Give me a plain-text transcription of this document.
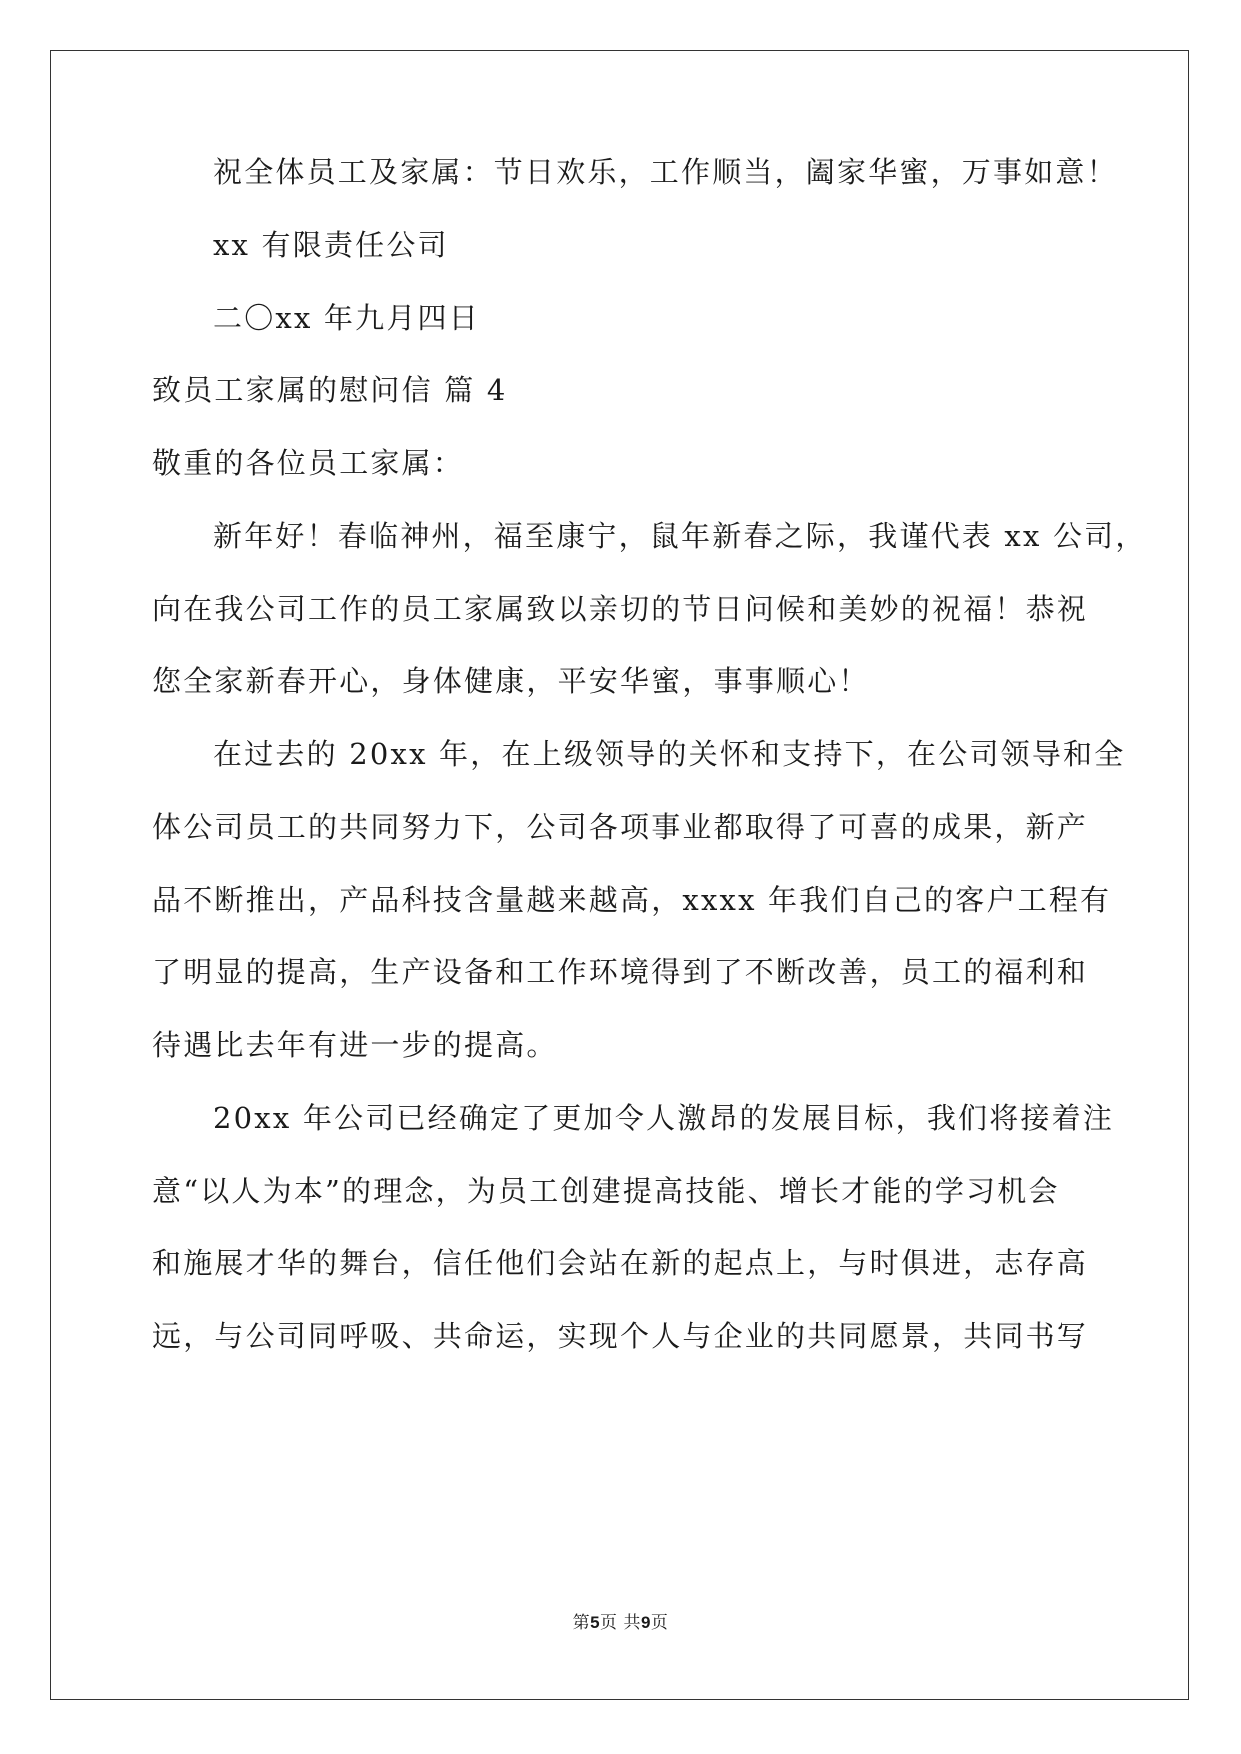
祝全体员工及家属：节日欢乐，工作顺当，阖家华蜜，万事如意！
xx 有限责任公司
二〇xx 年九月四日
致员工家属的慰问信 篇 4
敬重的各位员工家属：
新年好！春临神州，福至康宁，鼠年新春之际，我谨代表 xx 公司，
向在我公司工作的员工家属致以亲切的节日问候和美妙的祝福！恭祝
您全家新春开心，身体健康，平安华蜜，事事顺心！
在过去的 20xx 年，在上级领导的关怀和支持下，在公司领导和全
体公司员工的共同努力下，公司各项事业都取得了可喜的成果，新产
品不断推出，产品科技含量越来越高，xxxx 年我们自己的客户工程有
了明显的提高，生产设备和工作环境得到了不断改善，员工的福利和
待遇比去年有进一步的提高。
20xx 年公司已经确定了更加令人激昂的发展目标，我们将接着注
意“以人为本”的理念，为员工创建提高技能、增长才能的学习机会
和施展才华的舞台，信任他们会站在新的起点上，与时俱进，志存高
远，与公司同呼吸、共命运，实现个人与企业的共同愿景，共同书写
第5页 共9页
